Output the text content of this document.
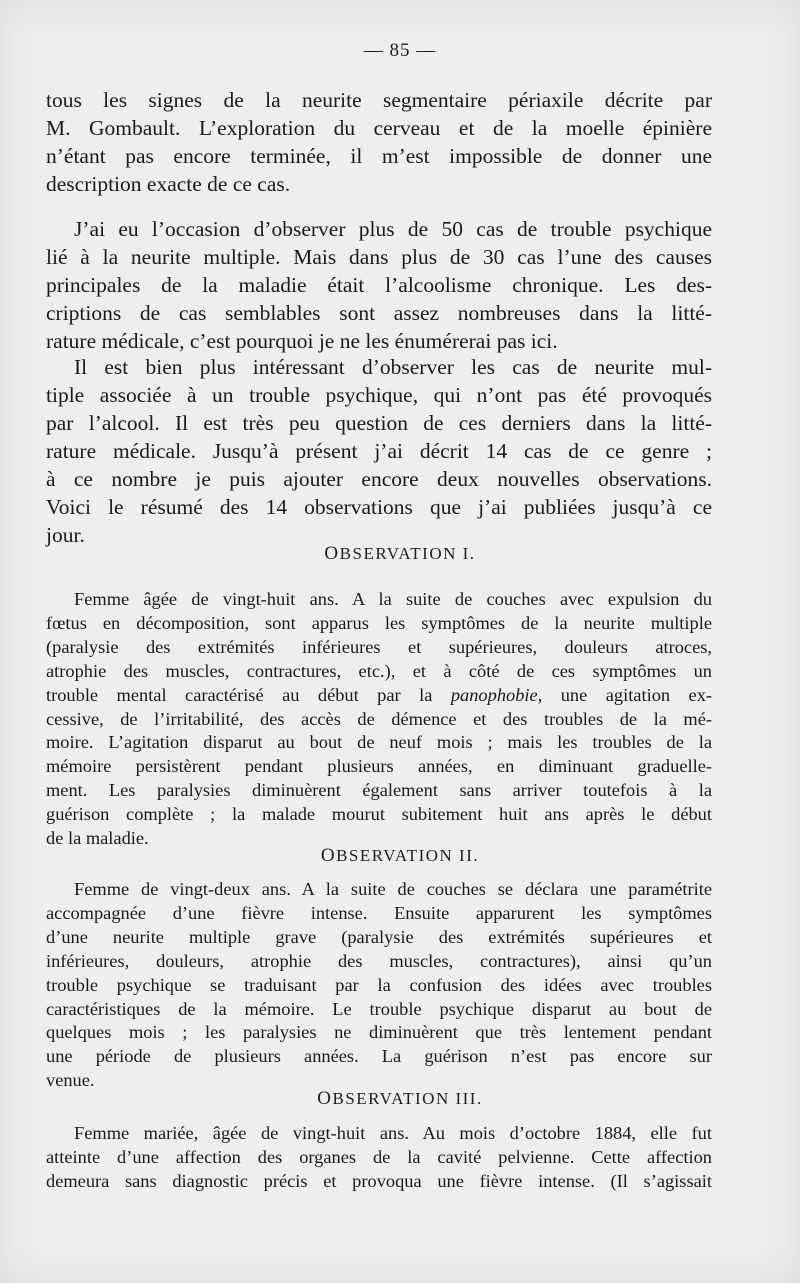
— 85 —

tous les signes de la neurite segmentaire périaxile décrite par
M. Gombault. L’exploration du cerveau et de la moelle épinière
n’étant pas encore terminée, il m’est impossible de donner une
description exacte de ce cas.

J’ai eu l’occasion d’observer plus de 50 cas de trouble psychique
lié à la neurite multiple. Mais dans plus de 30 cas l’une des causes
principales de la maladie était l’alcoolisme chronique. Les des-
criptions de cas semblables sont assez nombreuses dans la litté-
rature médicale, c’est pourquoi je ne les énumérerai pas ici.

Il est bien plus intéressant d’observer les cas de neurite mul-
tiple associée à un trouble psychique, qui n’ont pas été provoqués
par l’alcool. Il est très peu question de ces derniers dans la litté-
rature médicale. Jusqu’à présent j’ai décrit 14 cas de ce genre ;
à ce nombre je puis ajouter encore deux nouvelles observations.
Voici le résumé des 14 observations que j’ai publiées jusqu’à ce
jour.

OBSERVATION I.

Femme âgée de vingt-huit ans. A la suite de couches avec expulsion du
fœtus en décomposition, sont apparus les symptômes de la neurite multiple
(paralysie des extrémités inférieures et supérieures, douleurs atroces,
atrophie des muscles, contractures, etc.), et à côté de ces symptômes un
trouble mental caractérisé au début par la panophobie, une agitation ex-
cessive, de l’irritabilité, des accès de démence et des troubles de la mé-
moire. L’agitation disparut au bout de neuf mois ; mais les troubles de la
mémoire persistèrent pendant plusieurs années, en diminuant graduelle-
ment. Les paralysies diminuèrent également sans arriver toutefois à la
guérison complète ; la malade mourut subitement huit ans après le début
de la maladie.

OBSERVATION II.

Femme de vingt-deux ans. A la suite de couches se déclara une paramétrite
accompagnée d’une fièvre intense. Ensuite apparurent les symptômes
d’une neurite multiple grave (paralysie des extrémités supérieures et
inférieures, douleurs, atrophie des muscles, contractures), ainsi qu’un
trouble psychique se traduisant par la confusion des idées avec troubles
caractéristiques de la mémoire. Le trouble psychique disparut au bout de
quelques mois ; les paralysies ne diminuèrent que très lentement pendant
une période de plusieurs années. La guérison n’est pas encore sur
venue.

OBSERVATION III.

Femme mariée, âgée de vingt-huit ans. Au mois d’octobre 1884, elle fut
atteinte d’une affection des organes de la cavité pelvienne. Cette affection
demeura sans diagnostic précis et provoqua une fièvre intense. (Il s’agissait
